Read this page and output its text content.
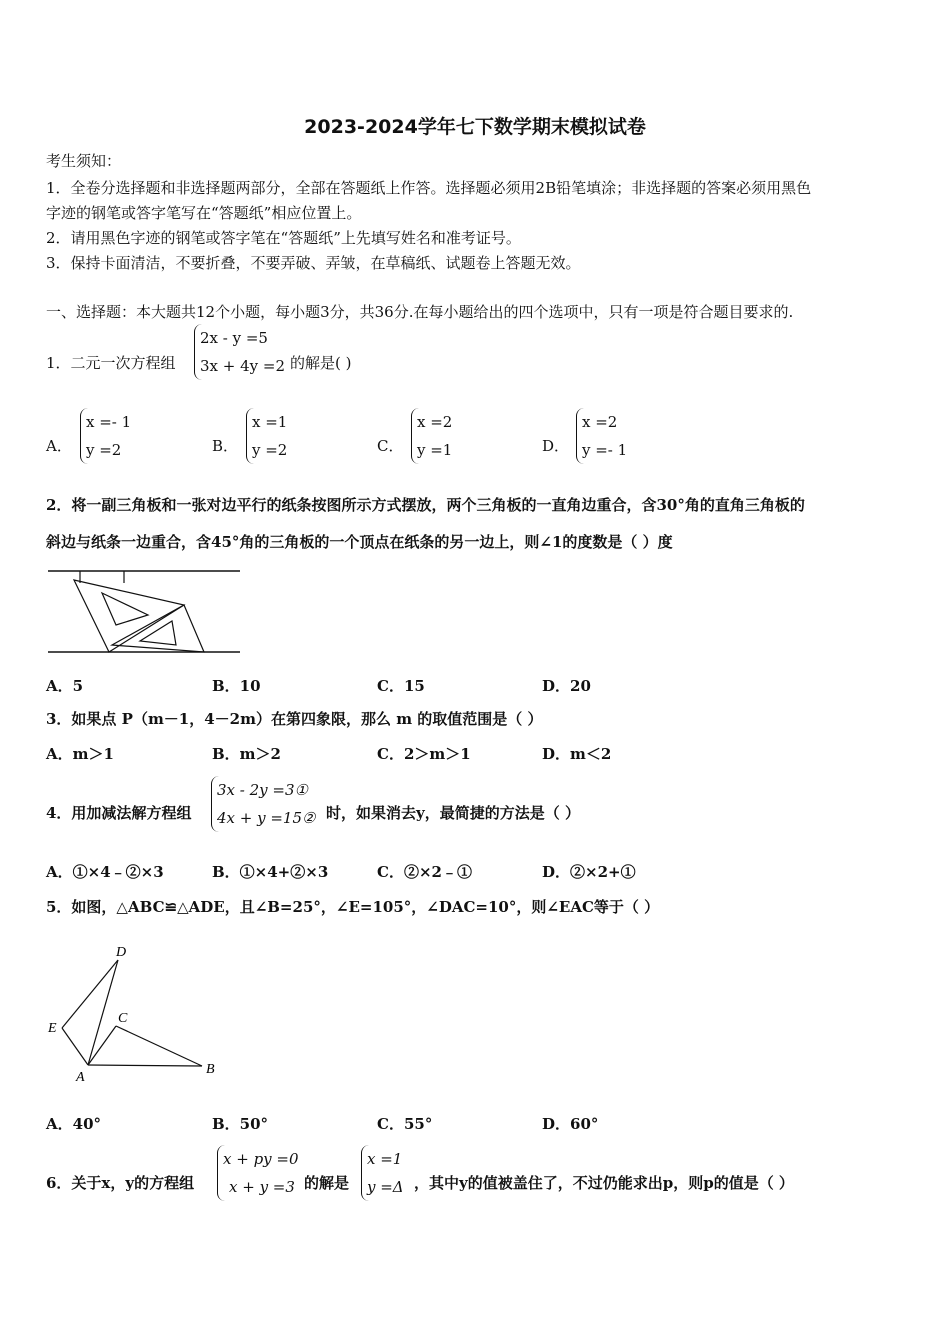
2023-2024学年七下数学期末模拟试卷
考生须知：
1．全卷分选择题和非选择题两部分，全部在答题纸上作答。选择题必须用2B铅笔填涂；非选择题的答案必须用黑色
字迹的钢笔或答字笔写在“答题纸”相应位置上。
2．请用黑色字迹的钢笔或答字笔在“答题纸”上先填写姓名和准考证号。
3．保持卡面清洁，不要折叠，不要弄破、弄皱，在草稿纸、试题卷上答题无效。
一、选择题：本大题共12个小题，每小题3分，共36分.在每小题给出的四个选项中，只有一项是符合题目要求的.
1．二元一次方程组
2x - y =5
3x + 4y =2 的解是( )
A．
x =- 1
y =2	B．
x =1
y =2	C．
x =2
y =1	D．
x =2
y =- 1
2．将一副三角板和一张对边平行的纸条按图所示方式摆放，两个三角板的一直角边重合，含30°角的直角三角板的
斜边与纸条一边重合，含45°角的三角板的一个顶点在纸条的另一边上，则∠1的度数是（ ）度
A．5	B．10	C．15	D．20
3．如果点 P（m－1，4－2m）在第四象限，那么 m 的取值范围是（ ）
A．m＞1	B．m＞2	C．2＞m＞1	D．m＜2
4．用加减法解方程组
3x - 2y =3①
4x + y =15② 时，如果消去y，最简捷的方法是（ ）
A．①×4﹣②×3	B．①×4+②×3	C．②×2﹣①	D．②×2+①
5．如图，△ABC≌△ADE，且∠B=25°，∠E=105°，∠DAC=10°，则∠EAC等于（ ）
D
E
C
A
B
A．40°	B．50°	C．55°	D．60°
6．关于x，y的方程组
x + py =0
x + y =3 的解是
x =1
y =Δ ，其中y的值被盖住了，不过仍能求出p，则p的值是（ ）
